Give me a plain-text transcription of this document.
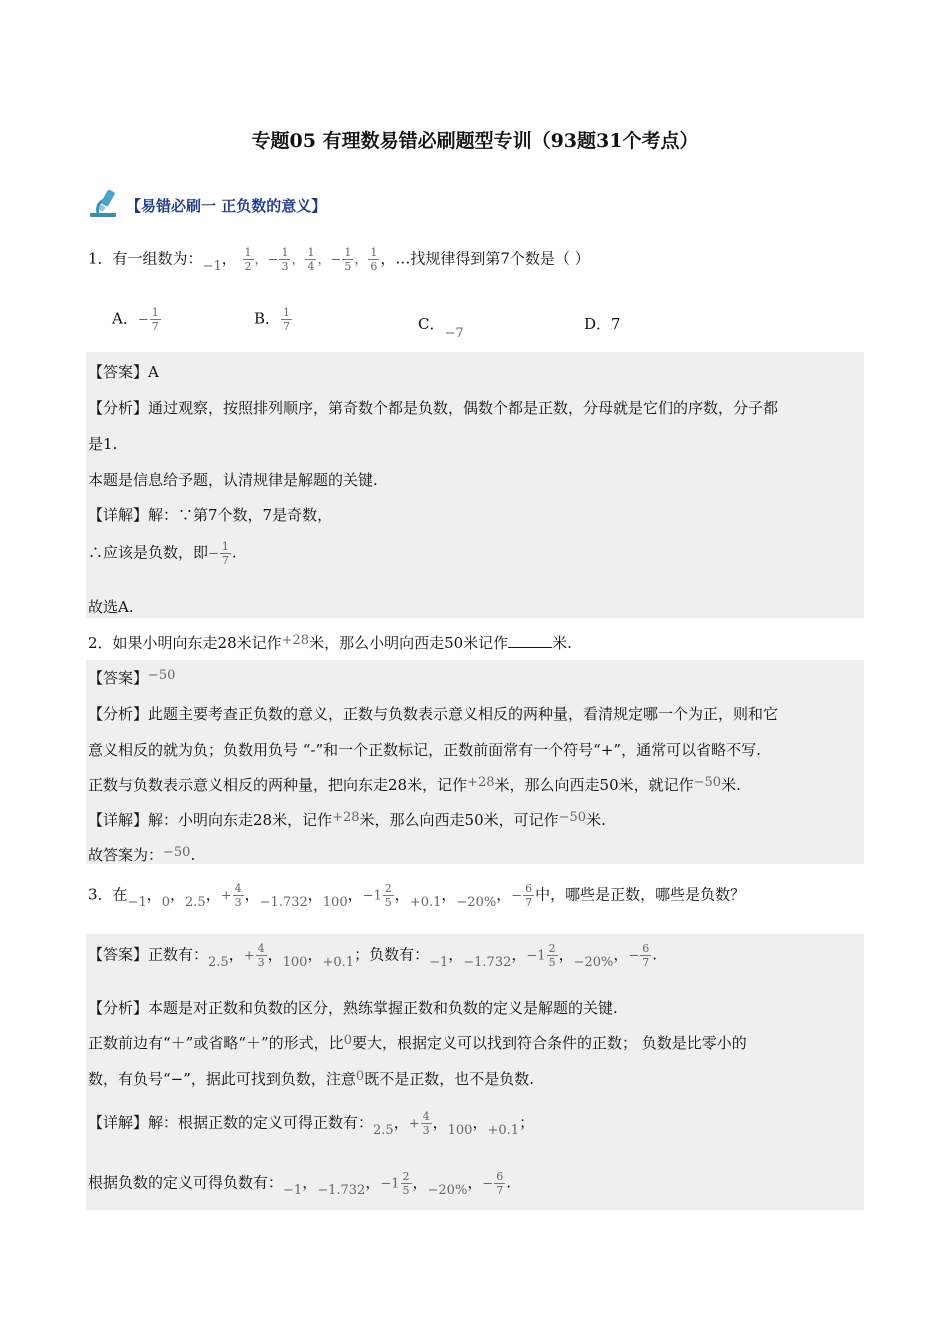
专题05 有理数易错必刷题型专训（93题31个考点）
【易错必刷一 正负数的意义】
1．有一组数为：−1， $\frac{1}{2}$ ，− $\frac{1}{3}$ ， $\frac{1}{4}$ ，− $\frac{1}{5}$ ， $\frac{1}{6}$ ，…找规律得到第7个数是（ ）
A．− $\frac{1}{7}$	B． $\frac{1}{7}$	C．−7
D．7
【答案】A
【分析】通过观察，按照排列顺序，第奇数个都是负数，偶数个都是正数，分母就是它们的序数，分子都
是1.
本题是信息给予题，认清规律是解题的关键.
【详解】解：∵第7个数，7是奇数，
∴应该是负数，即− $\frac{1}{7}$ .
故选A.
2．如果小明向东走28米记作+28米，那么小明向西走50米记作	米.
【答案】−50
【分析】此题主要考查正负数的意义，正数与负数表示意义相反的两种量，看清规定哪一个为正，则和它
意义相反的就为负；负数用负号 “-”和一个正数标记，正数前面常有一个符号“+”，通常可以省略不写.
正数与负数表示意义相反的两种量，把向东走28米，记作+28米，那么向西走50米，就记作−50米.
【详解】解：小明向东走28米，记作+28米，那么向西走50米，可记作−50米.
故答案为：−50.
3．在−1，0，2.5，+ $\frac{4}{3}$ ，−1.732，100，$-1 \frac{2}{5}$ ，+0.1，−20%，− $\frac{6}{7}$ 中，哪些是正数，哪些是负数？
【答案】正数有：2.5，+ $\frac{4}{3}$ ，100，+0.1；负数有：−1，−1.732，$-1 \frac{2}{5}$ ，−20%，− $\frac{6}{7}$ .
【分析】本题是对正数和负数的区分，熟练掌握正数和负数的定义是解题的关键.
正数前边有“＋”或省略“＋”的形式，比0要大，根据定义可以找到符合条件的正数； 负数是比零小的
数，有负号“−”，据此可找到负数，注意0既不是正数，也不是负数.
【详解】解：根据正数的定义可得正数有：2.5，+ $\frac{4}{3}$ ，100，+0.1；
根据负数的定义可得负数有：−1，−1.732，$-1 \frac{2}{5}$ ，−20%，− $\frac{6}{7}$ .
